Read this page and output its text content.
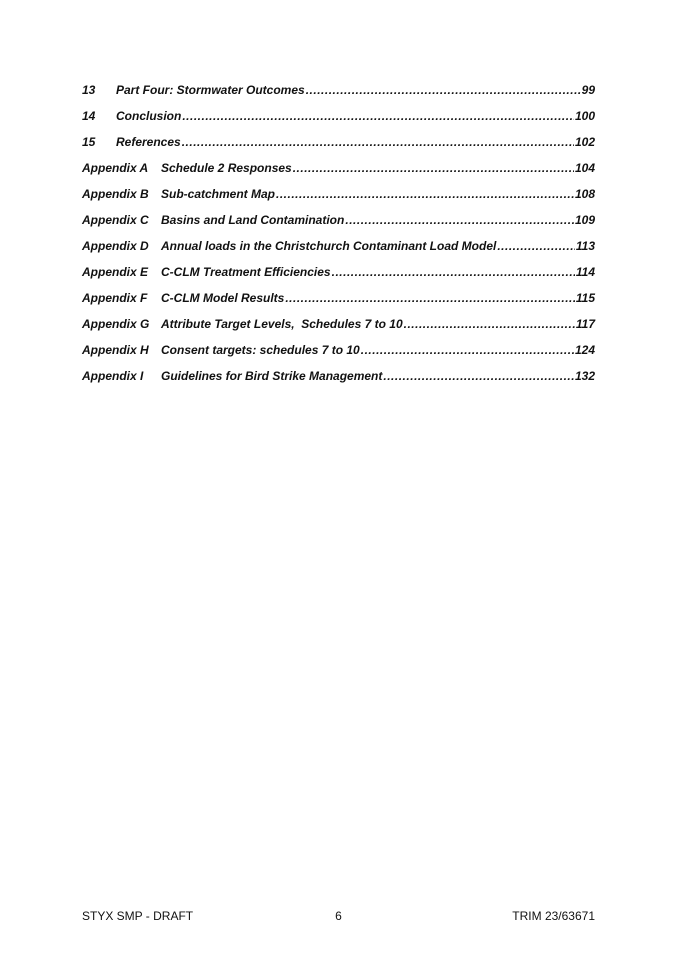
13	Part Four: Stormwater Outcomes .....	99
14	Conclusion .....	100
15	References .....	102
Appendix A	Schedule 2 Responses .....	104
Appendix B	Sub-catchment Map .....	108
Appendix C	Basins and Land Contamination .....	109
Appendix D	Annual loads in the Christchurch Contaminant Load Model .....	113
Appendix E	C-CLM Treatment Efficiencies .....	114
Appendix F	C-CLM Model Results .....	115
Appendix G Attribute Target Levels,  Schedules 7 to 10 .....	117
Appendix H	Consent targets: schedules 7 to 10 .....	124
Appendix I	Guidelines for Bird Strike Management .....	132
STYX SMP - DRAFT	6	TRIM 23/63671
